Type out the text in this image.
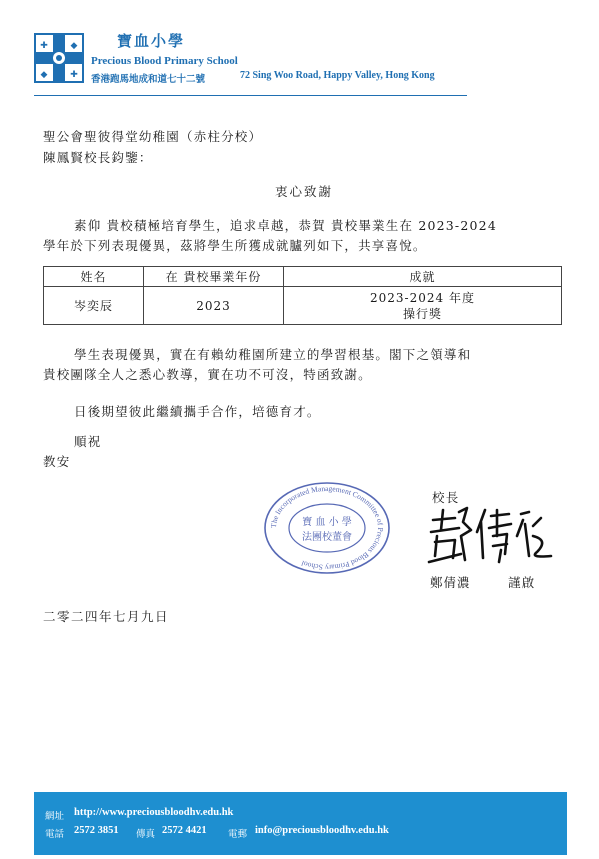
✚
✚
◆
◆	寶血小學
Precious Blood Primary School
香港跑馬地成和道七十二號	72 Sing Woo Road, Happy Valley, Hong Kong
聖公會聖彼得堂幼稚園（赤柱分校）
陳鳳賢校長鈞鑒：
衷心致謝
素仰 貴校積極培育學生，追求卓越，恭賀 貴校畢業生在 2023-2024
學年於下列表現優異，茲將學生所獲成就臚列如下，共享喜悅。
姓名	在 貴校畢業年份	成就
岑奕辰	2023	2023-2024 年度
操行獎
學生表現優異，實在有賴幼稚園所建立的學習根基。閣下之領導和
貴校團隊全人之悉心教導，實在功不可沒，特函致謝。
日後期望彼此繼續攜手合作，培德育才。
順祝
教安
The Incorporated Management Committee of Precious Blood Primary School
寶 血 小 學
法團校董會
校長
鄭倩濃	謹啟
二零二四年七月九日
網址 http://www.preciousbloodhv.edu.hk
電話 2572 3851 傳真 2572 4421 電郵 info@preciousbloodhv.edu.hk
